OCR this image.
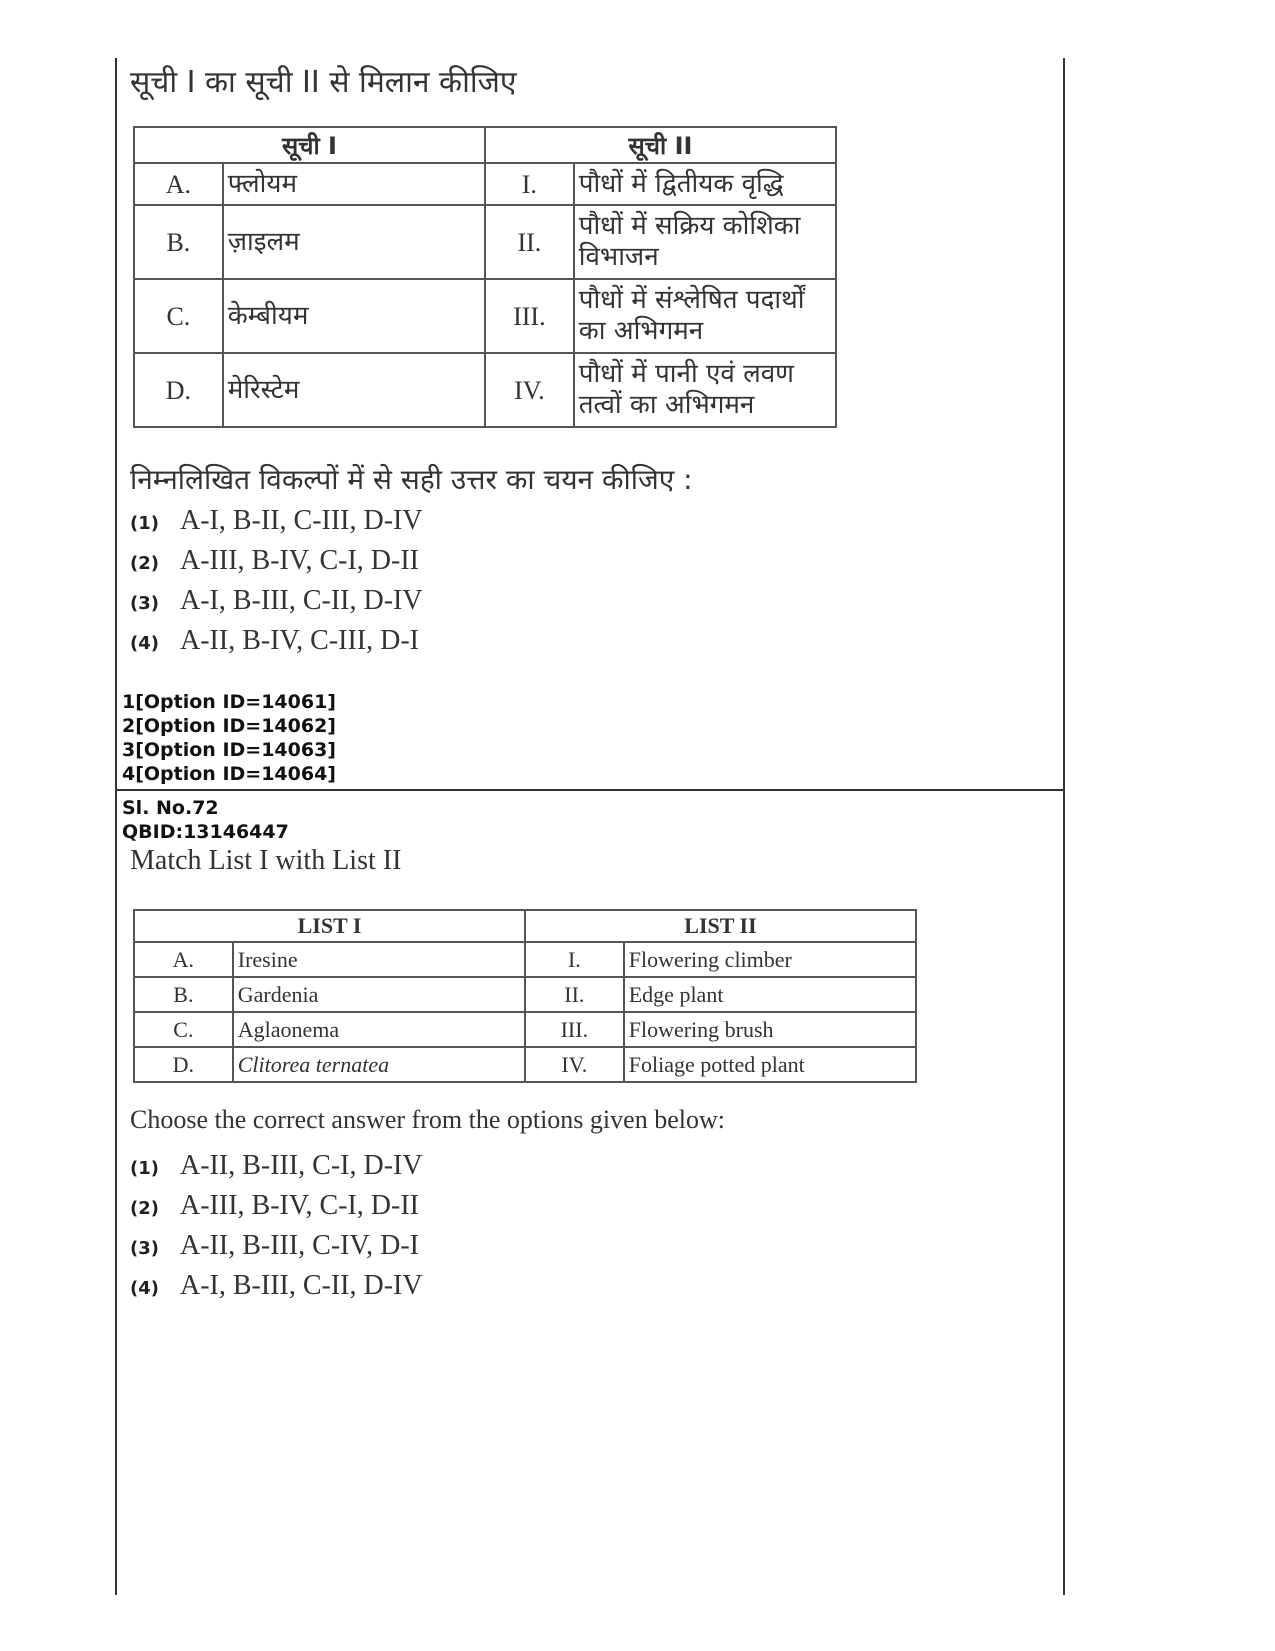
सूची I का सूची II से मिलान कीजिए
सूची I		सूची II	
A.	फ्लोयम	I.	पौधों में द्वितीयक वृद्धि
B.	ज़ाइलम	II.	पौधों में सक्रिय कोशिका विभाजन
C.	केम्बीयम	III.	पौधों में संश्लेषित पदार्थों का अभिगमन
D.	मेरिस्टेम	IV.	पौधों में पानी एवं लवण तत्वों का अभिगमन
निम्नलिखित विकल्पों में से सही उत्तर का चयन कीजिए :
(1) A-I, B-II, C-III, D-IV
(2) A-III, B-IV, C-I, D-II
(3) A-I, B-III, C-II, D-IV
(4) A-II, B-IV, C-III, D-I
1[Option ID=14061]
2[Option ID=14062]
3[Option ID=14063]
4[Option ID=14064]
Sl. No.72
QBID:13146447
Match List I with List II
LIST I		LIST II	
A.	Iresine	I.	Flowering climber
B.	Gardenia	II.	Edge plant
C.	Aglaonema	III.	Flowering brush
D.	Clitorea ternatea	IV.	Foliage potted plant
Choose the correct answer from the options given below:
(1) A-II, B-III, C-I, D-IV
(2) A-III, B-IV, C-I, D-II
(3) A-II, B-III, C-IV, D-I
(4) A-I, B-III, C-II, D-IV
